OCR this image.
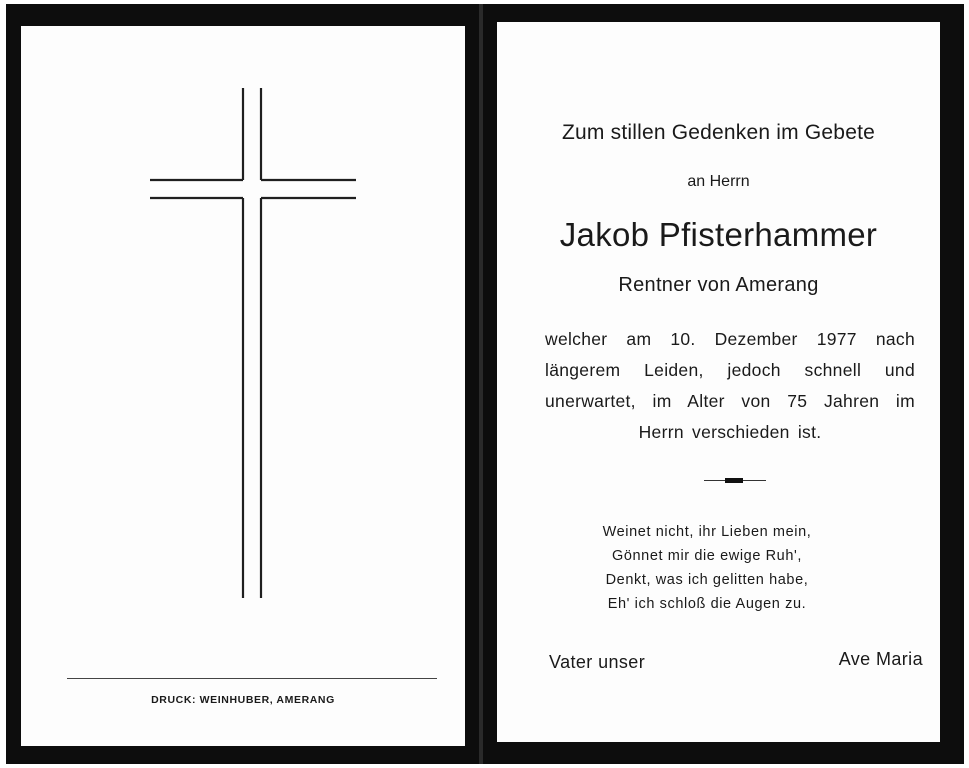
DRUCK: WEINHUBER, AMERANG
Zum stillen Gedenken im Gebete
an Herrn
Jakob Pfisterhammer
Rentner von Amerang
welcher am 10. Dezember 1977 nach längerem Leiden, jedoch schnell und unerwartet, im Alter von 75 Jahren im Herrn verschieden ist.
Weinet nicht, ihr Lieben mein,
Gönnet mir die ewige Ruh',
Denkt, was ich gelitten habe,
Eh' ich schloß die Augen zu.
Vater unser	Ave Maria
